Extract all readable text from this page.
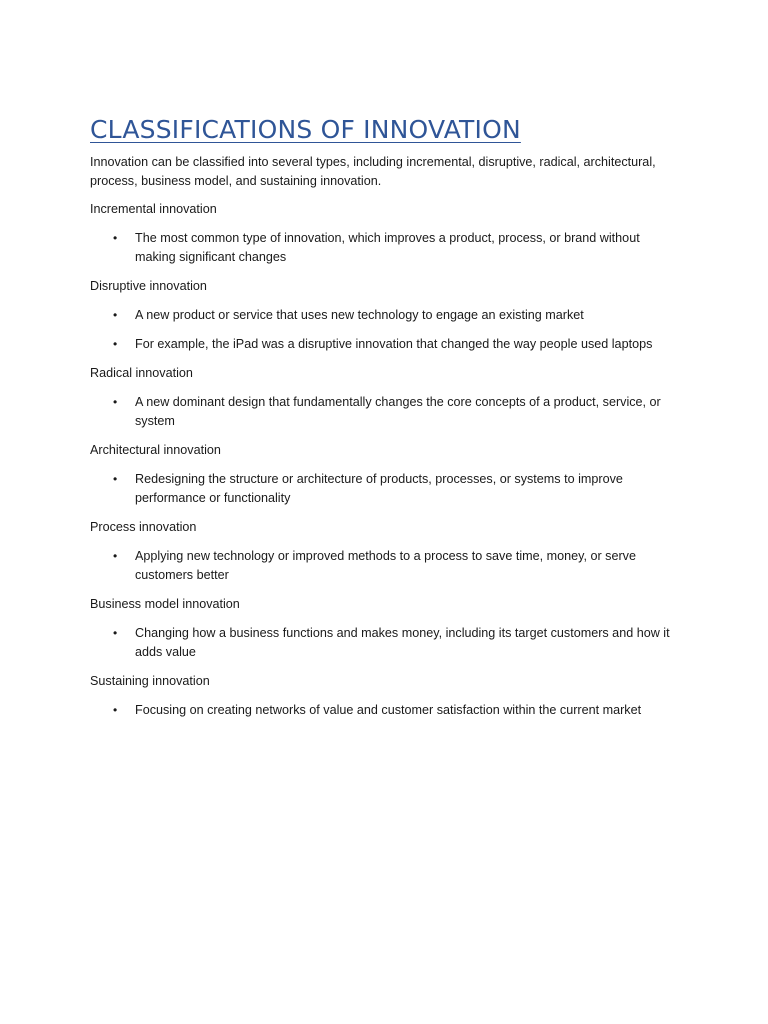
CLASSIFICATIONS OF INNOVATION

Innovation can be classified into several types, including incremental, disruptive, radical, architectural, process, business model, and sustaining innovation.

Incremental innovation

• The most common type of innovation, which improves a product, process, or brand without making significant changes

Disruptive innovation

• A new product or service that uses new technology to engage an existing market
• For example, the iPad was a disruptive innovation that changed the way people used laptops

Radical innovation

• A new dominant design that fundamentally changes the core concepts of a product, service, or system

Architectural innovation

• Redesigning the structure or architecture of products, processes, or systems to improve performance or functionality

Process innovation

• Applying new technology or improved methods to a process to save time, money, or serve customers better

Business model innovation

• Changing how a business functions and makes money, including its target customers and how it adds value

Sustaining innovation

• Focusing on creating networks of value and customer satisfaction within the current market
